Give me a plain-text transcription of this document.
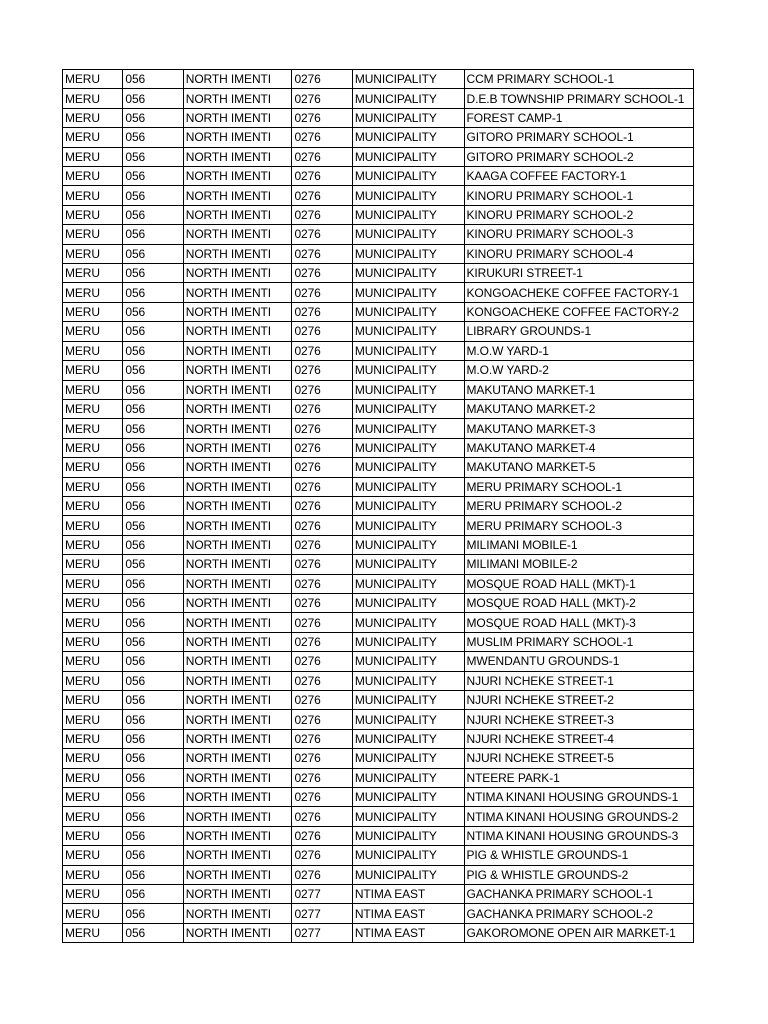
MERU	056	NORTH IMENTI	0276	MUNICIPALITY	CCM PRIMARY SCHOOL-1
MERU	056	NORTH IMENTI	0276	MUNICIPALITY	D.E.B TOWNSHIP PRIMARY SCHOOL-1
MERU	056	NORTH IMENTI	0276	MUNICIPALITY	FOREST CAMP-1
MERU	056	NORTH IMENTI	0276	MUNICIPALITY	GITORO PRIMARY SCHOOL-1
MERU	056	NORTH IMENTI	0276	MUNICIPALITY	GITORO PRIMARY SCHOOL-2
MERU	056	NORTH IMENTI	0276	MUNICIPALITY	KAAGA COFFEE FACTORY-1
MERU	056	NORTH IMENTI	0276	MUNICIPALITY	KINORU PRIMARY SCHOOL-1
MERU	056	NORTH IMENTI	0276	MUNICIPALITY	KINORU PRIMARY SCHOOL-2
MERU	056	NORTH IMENTI	0276	MUNICIPALITY	KINORU PRIMARY SCHOOL-3
MERU	056	NORTH IMENTI	0276	MUNICIPALITY	KINORU PRIMARY SCHOOL-4
MERU	056	NORTH IMENTI	0276	MUNICIPALITY	KIRUKURI STREET-1
MERU	056	NORTH IMENTI	0276	MUNICIPALITY	KONGOACHEKE COFFEE FACTORY-1
MERU	056	NORTH IMENTI	0276	MUNICIPALITY	KONGOACHEKE COFFEE FACTORY-2
MERU	056	NORTH IMENTI	0276	MUNICIPALITY	LIBRARY GROUNDS-1
MERU	056	NORTH IMENTI	0276	MUNICIPALITY	M.O.W YARD-1
MERU	056	NORTH IMENTI	0276	MUNICIPALITY	M.O.W YARD-2
MERU	056	NORTH IMENTI	0276	MUNICIPALITY	MAKUTANO MARKET-1
MERU	056	NORTH IMENTI	0276	MUNICIPALITY	MAKUTANO MARKET-2
MERU	056	NORTH IMENTI	0276	MUNICIPALITY	MAKUTANO MARKET-3
MERU	056	NORTH IMENTI	0276	MUNICIPALITY	MAKUTANO MARKET-4
MERU	056	NORTH IMENTI	0276	MUNICIPALITY	MAKUTANO MARKET-5
MERU	056	NORTH IMENTI	0276	MUNICIPALITY	MERU PRIMARY SCHOOL-1
MERU	056	NORTH IMENTI	0276	MUNICIPALITY	MERU PRIMARY SCHOOL-2
MERU	056	NORTH IMENTI	0276	MUNICIPALITY	MERU PRIMARY SCHOOL-3
MERU	056	NORTH IMENTI	0276	MUNICIPALITY	MILIMANI MOBILE-1
MERU	056	NORTH IMENTI	0276	MUNICIPALITY	MILIMANI MOBILE-2
MERU	056	NORTH IMENTI	0276	MUNICIPALITY	MOSQUE ROAD HALL (MKT)-1
MERU	056	NORTH IMENTI	0276	MUNICIPALITY	MOSQUE ROAD HALL (MKT)-2
MERU	056	NORTH IMENTI	0276	MUNICIPALITY	MOSQUE ROAD HALL (MKT)-3
MERU	056	NORTH IMENTI	0276	MUNICIPALITY	MUSLIM PRIMARY SCHOOL-1
MERU	056	NORTH IMENTI	0276	MUNICIPALITY	MWENDANTU GROUNDS-1
MERU	056	NORTH IMENTI	0276	MUNICIPALITY	NJURI NCHEKE STREET-1
MERU	056	NORTH IMENTI	0276	MUNICIPALITY	NJURI NCHEKE STREET-2
MERU	056	NORTH IMENTI	0276	MUNICIPALITY	NJURI NCHEKE STREET-3
MERU	056	NORTH IMENTI	0276	MUNICIPALITY	NJURI NCHEKE STREET-4
MERU	056	NORTH IMENTI	0276	MUNICIPALITY	NJURI NCHEKE STREET-5
MERU	056	NORTH IMENTI	0276	MUNICIPALITY	NTEERE PARK-1
MERU	056	NORTH IMENTI	0276	MUNICIPALITY	NTIMA KINANI HOUSING GROUNDS-1
MERU	056	NORTH IMENTI	0276	MUNICIPALITY	NTIMA KINANI HOUSING GROUNDS-2
MERU	056	NORTH IMENTI	0276	MUNICIPALITY	NTIMA KINANI HOUSING GROUNDS-3
MERU	056	NORTH IMENTI	0276	MUNICIPALITY	PIG & WHISTLE GROUNDS-1
MERU	056	NORTH IMENTI	0276	MUNICIPALITY	PIG & WHISTLE GROUNDS-2
MERU	056	NORTH IMENTI	0277	NTIMA EAST	GACHANKA PRIMARY SCHOOL-1
MERU	056	NORTH IMENTI	0277	NTIMA EAST	GACHANKA PRIMARY SCHOOL-2
MERU	056	NORTH IMENTI	0277	NTIMA EAST	GAKOROMONE OPEN AIR MARKET-1
